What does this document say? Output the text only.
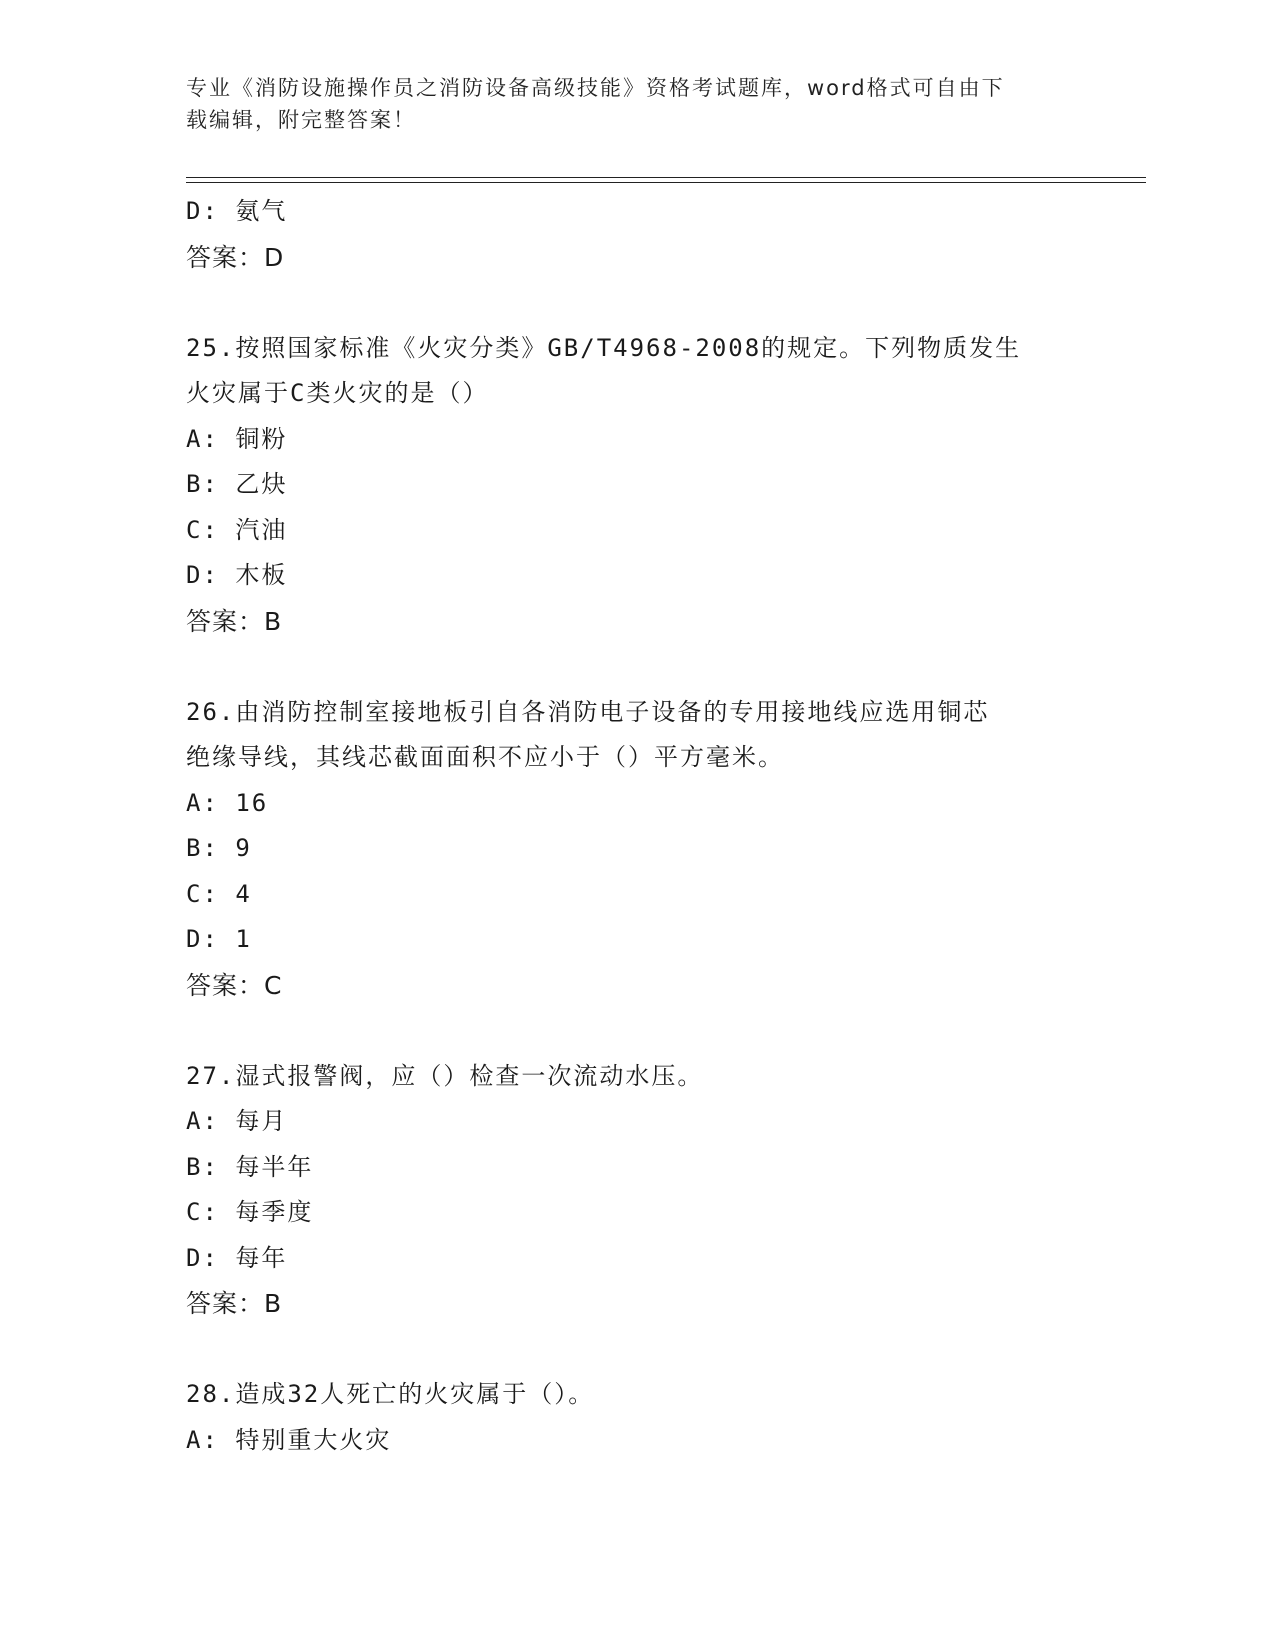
专业《消防设施操作员之消防设备高级技能》资格考试题库，word格式可自由下
载编辑，附完整答案！
D: 氨气
答案：D
25.按照国家标准《火灾分类》GB/T4968-2008的规定。下列物质发生
火灾属于C类火灾的是（）
A: 铜粉
B: 乙炔
C: 汽油
D: 木板
答案：B
26.由消防控制室接地板引自各消防电子设备的专用接地线应选用铜芯
绝缘导线，其线芯截面面积不应小于（）平方毫米。
A: 16
B: 9
C: 4
D: 1
答案：C
27.湿式报警阀，应（）检查一次流动水压。
A: 每月
B: 每半年
C: 每季度
D: 每年
答案：B
28.造成32人死亡的火灾属于（）。
A: 特别重大火灾
